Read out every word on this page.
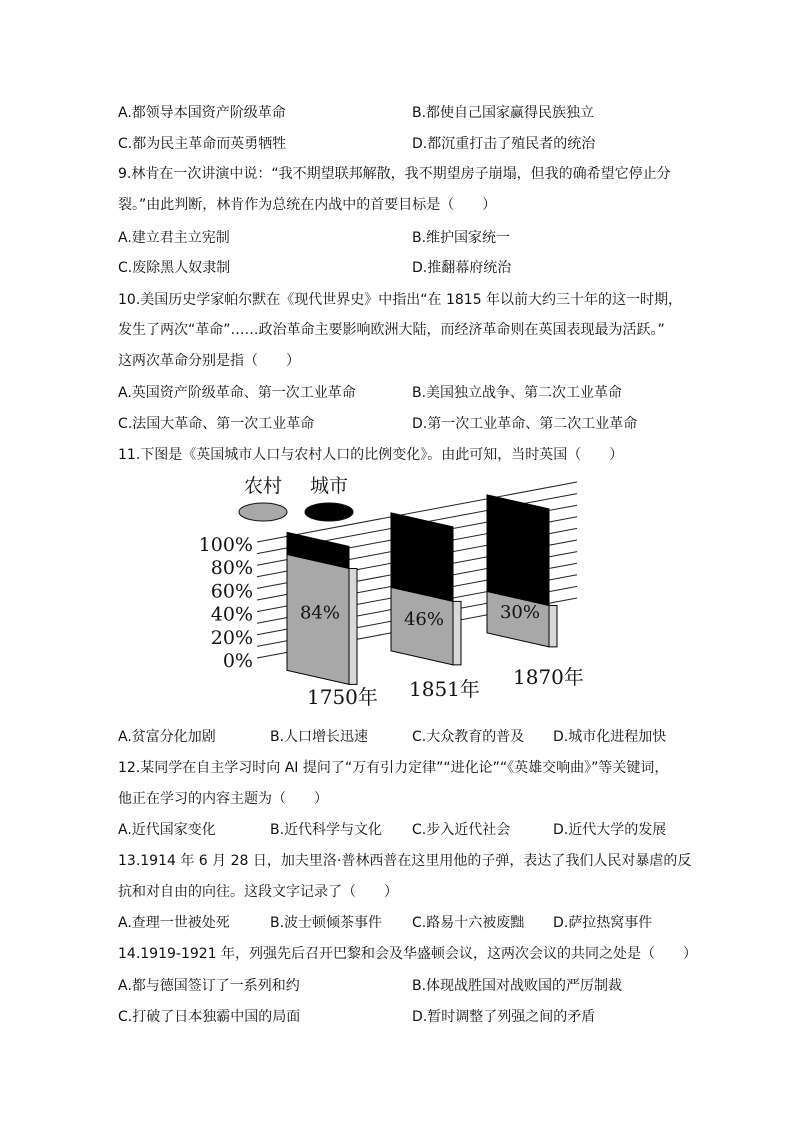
A.都领导本国资产阶级革命	B.都使自己国家赢得民族独立
C.都为民主革命而英勇牺牲	D.都沉重打击了殖民者的统治
9.林肯在一次讲演中说：“我不期望联邦解散，我不期望房子崩塌，但我的确希望它停止分
裂。”由此判断，林肯作为总统在内战中的首要目标是（　　）
A.建立君主立宪制	B.维护国家统一
C.废除黑人奴隶制	D.推翻幕府统治
10.美国历史学家帕尔默在《现代世界史》中指出“在 1815 年以前大约三十年的这一时期，
发生了两次“革命”……政治革命主要影响欧洲大陆，而经济革命则在英国表现最为活跃。”
这两次革命分别是指（　　）
A.英国资产阶级革命、第一次工业革命	B.美国独立战争、第二次工业革命
C.法国大革命、第一次工业革命	D.第一次工业革命、第二次工业革命
11.下图是《英国城市人口与农村人口的比例变化》。由此可知，当时英国（　　）
农村 城市
100%
80%
60%
40%
20%
0%
84%	46%	30%
1750年 1851年 1870年
A.贫富分化加剧	B.人口增长迅速	C.大众教育的普及 D.城市化进程加快
12.某同学在自主学习时向 AI 提问了“万有引力定律”“进化论”“《英雄交响曲》”等关键词，
他正在学习的内容主题为（　　）
A.近代国家变化	B.近代科学与文化 C.步入近代社会	D.近代大学的发展
13.1914 年 6 月 28 日，加夫里洛·普林西普在这里用他的子弹，表达了我们人民对暴虐的反
抗和对自由的向往。这段文字记录了（　　）
A.查理一世被处死	B.波士顿倾茶事件 C.路易十六被废黜 D.萨拉热窝事件
14.1919-1921 年，列强先后召开巴黎和会及华盛顿会议，这两次会议的共同之处是（　　）
A.都与德国签订了一系列和约	B.体现战胜国对战败国的严厉制裁
C.打破了日本独霸中国的局面	D.暂时调整了列强之间的矛盾
